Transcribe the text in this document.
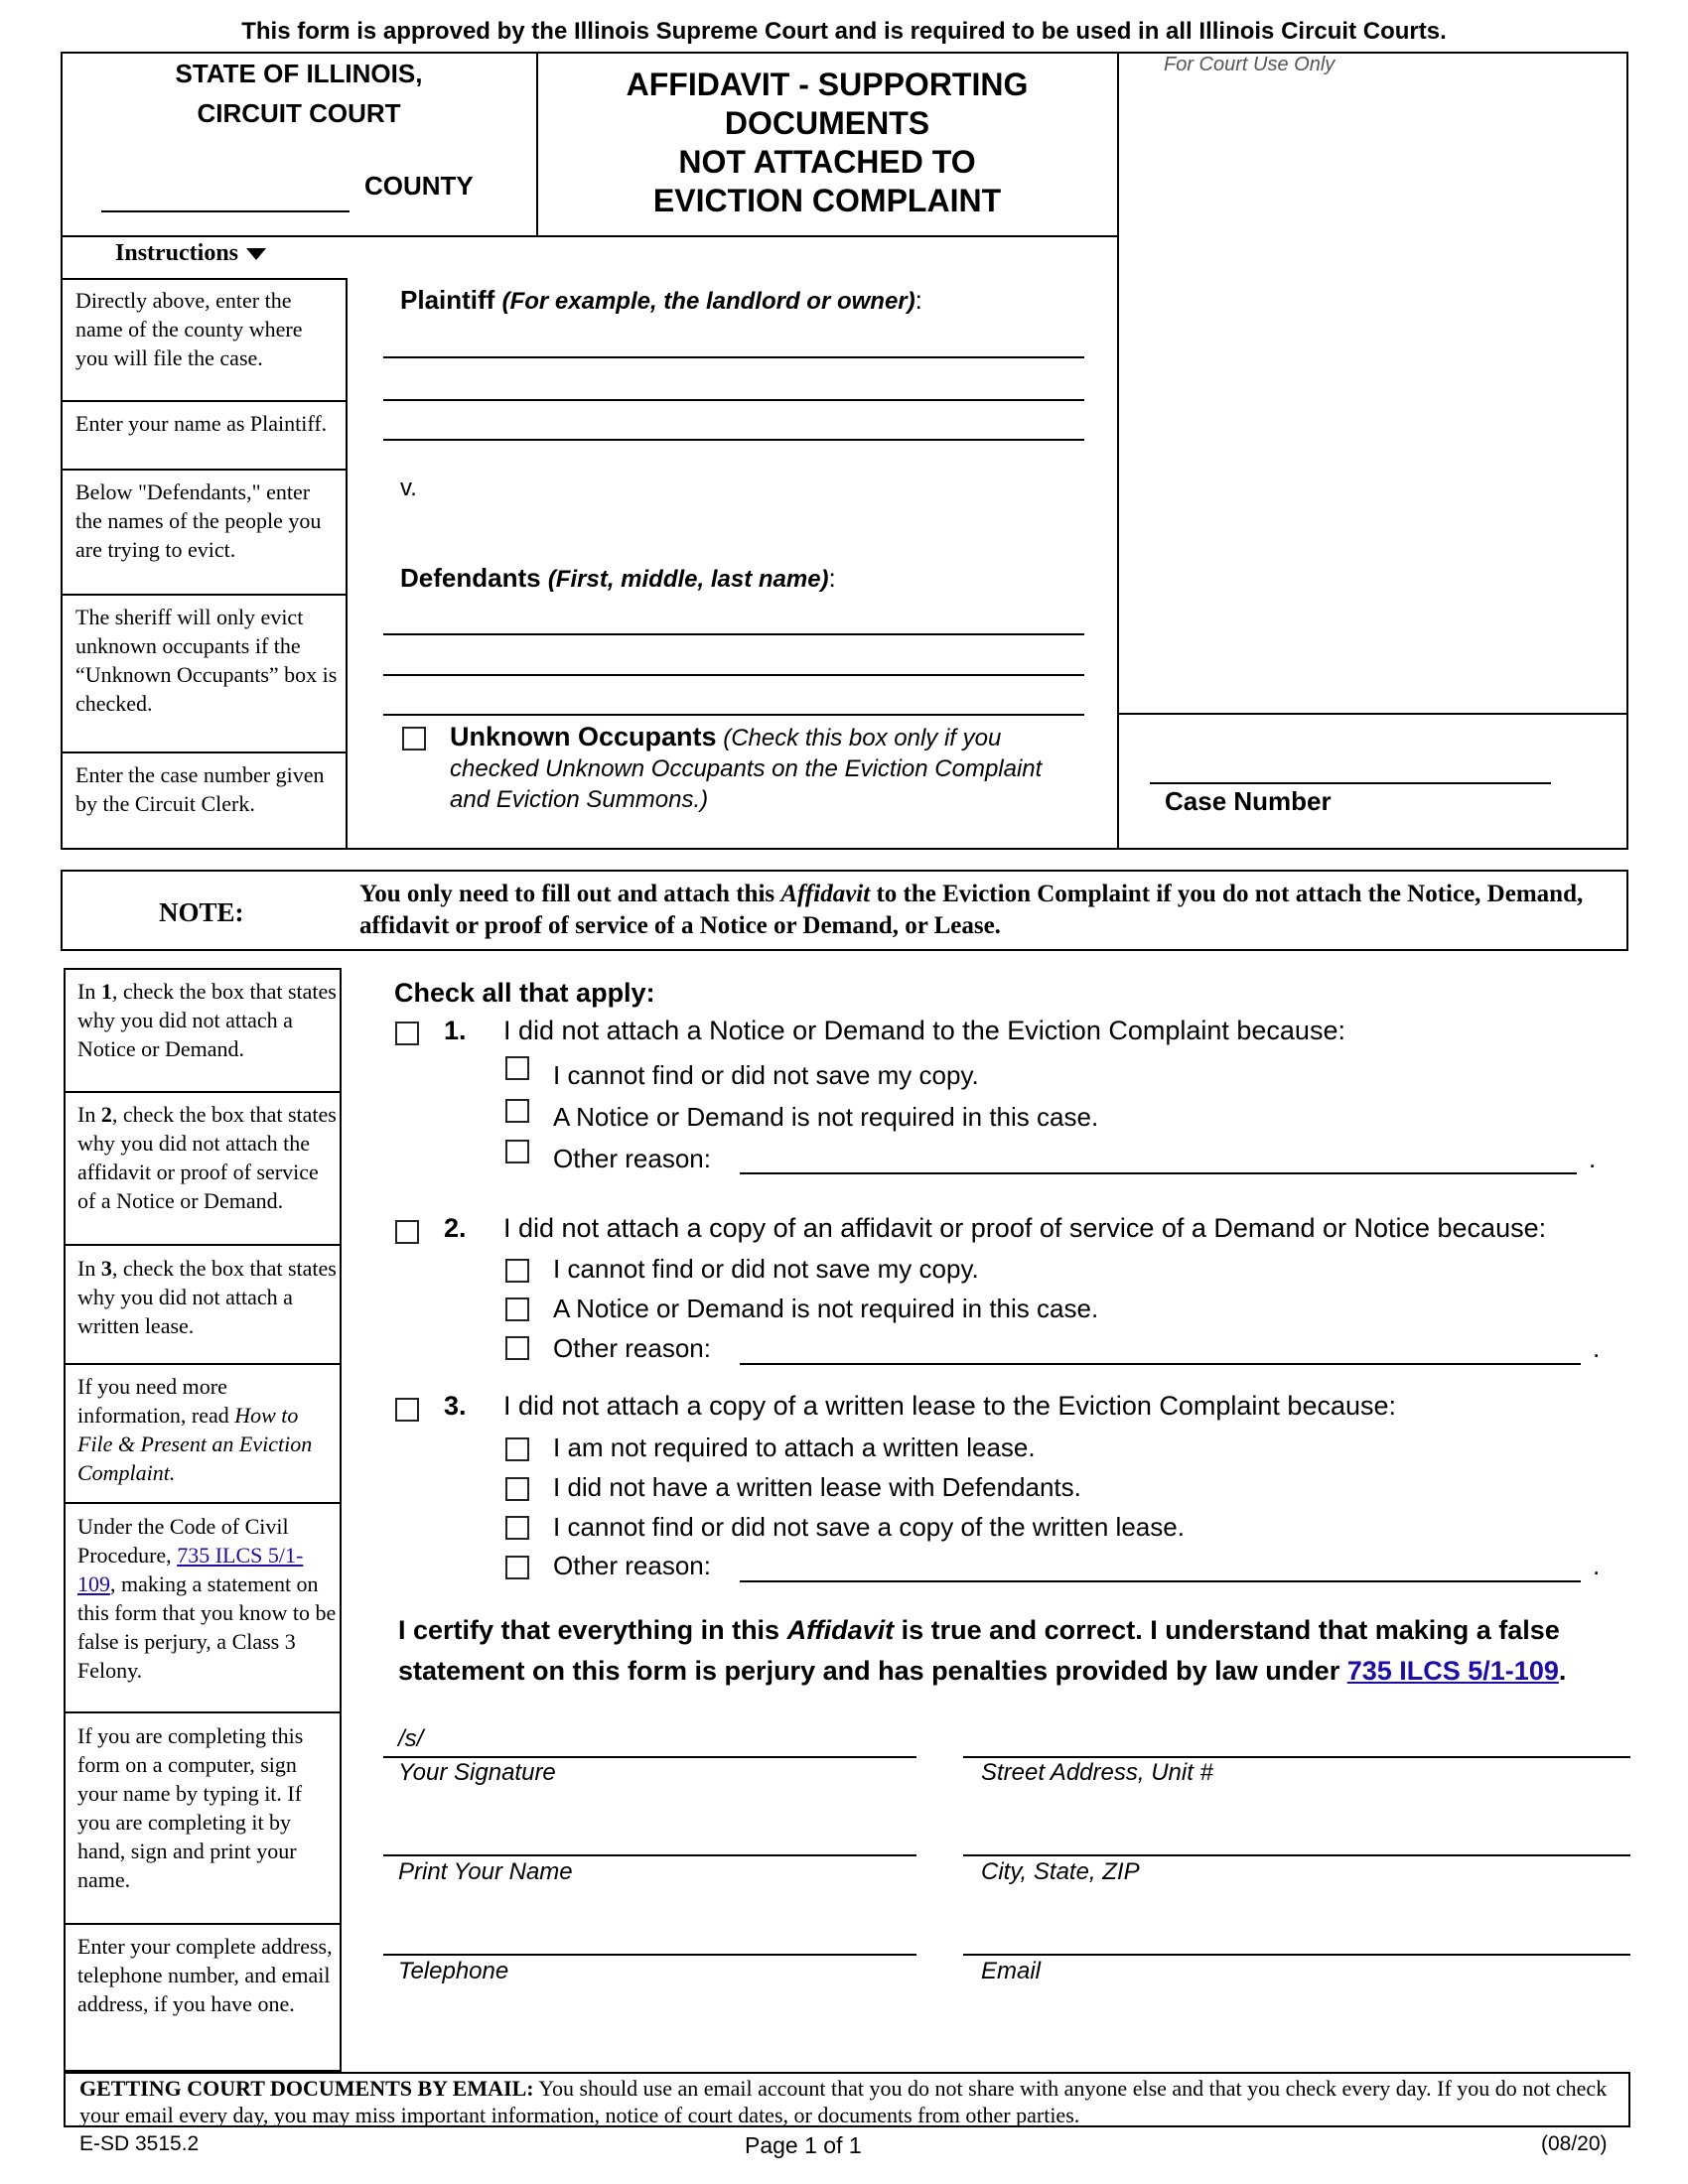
This form is approved by the Illinois Supreme Court and is required to be used in all Illinois Circuit Courts.
STATE OF ILLINOIS,
CIRCUIT COURT
COUNTY
AFFIDAVIT - SUPPORTING
DOCUMENTS
NOT ATTACHED TO
EVICTION COMPLAINT
For Court Use Only
Case Number
Instructions
Directly above, enter the name of the county where you will file the case.
Enter your name as Plaintiff.
Below "Defendants," enter the names of the people you are trying to evict.
The sheriff will only evict unknown occupants if the “Unknown Occupants” box is checked.
Enter the case number given by the Circuit Clerk.
Plaintiff (For example, the landlord or owner):
v.
Defendants (First, middle, last name):
Unknown Occupants (Check this box only if you
checked Unknown Occupants on the Eviction Complaint
and Eviction Summons.)
NOTE:
You only need to fill out and attach this Affidavit to the Eviction Complaint if you do not attach the Notice, Demand, affidavit or proof of service of a Notice or Demand, or Lease.
In 1, check the box that states why you did not attach a Notice or Demand.
In 2, check the box that states why you did not attach the affidavit or proof of service of a Notice or Demand.
In 3, check the box that states why you did not attach a written lease.
If you need more information, read How to File & Present an Eviction Complaint.
Under the Code of Civil Procedure, 735 ILCS 5/1-109, making a statement on this form that you know to be false is perjury, a Class 3 Felony.
If you are completing this form on a computer, sign your name by typing it. If you are completing it by hand, sign and print your name.
Enter your complete address, telephone number, and email address, if you have one.
Check all that apply:
1. I did not attach a Notice or Demand to the Eviction Complaint because:
I cannot find or did not save my copy.
A Notice or Demand is not required in this case.
Other reason:	.
2. I did not attach a copy of an affidavit or proof of service of a Demand or Notice because:
I cannot find or did not save my copy.
A Notice or Demand is not required in this case.
Other reason:	.
3. I did not attach a copy of a written lease to the Eviction Complaint because:
I am not required to attach a written lease.
I did not have a written lease with Defendants.
I cannot find or did not save a copy of the written lease.
Other reason:	.
I certify that everything in this Affidavit is true and correct. I understand that making a false
statement on this form is perjury and has penalties provided by law under 735 ILCS 5/1-109.
/s/
Your Signature	Street Address, Unit #
Print Your Name	City, State, ZIP
Telephone	Email
GETTING COURT DOCUMENTS BY EMAIL: You should use an email account that you do not share with anyone else and that you check every day. If you do not check your email every day, you may miss important information, notice of court dates, or documents from other parties.
E-SD 3515.2	Page 1 of 1	(08/20)
